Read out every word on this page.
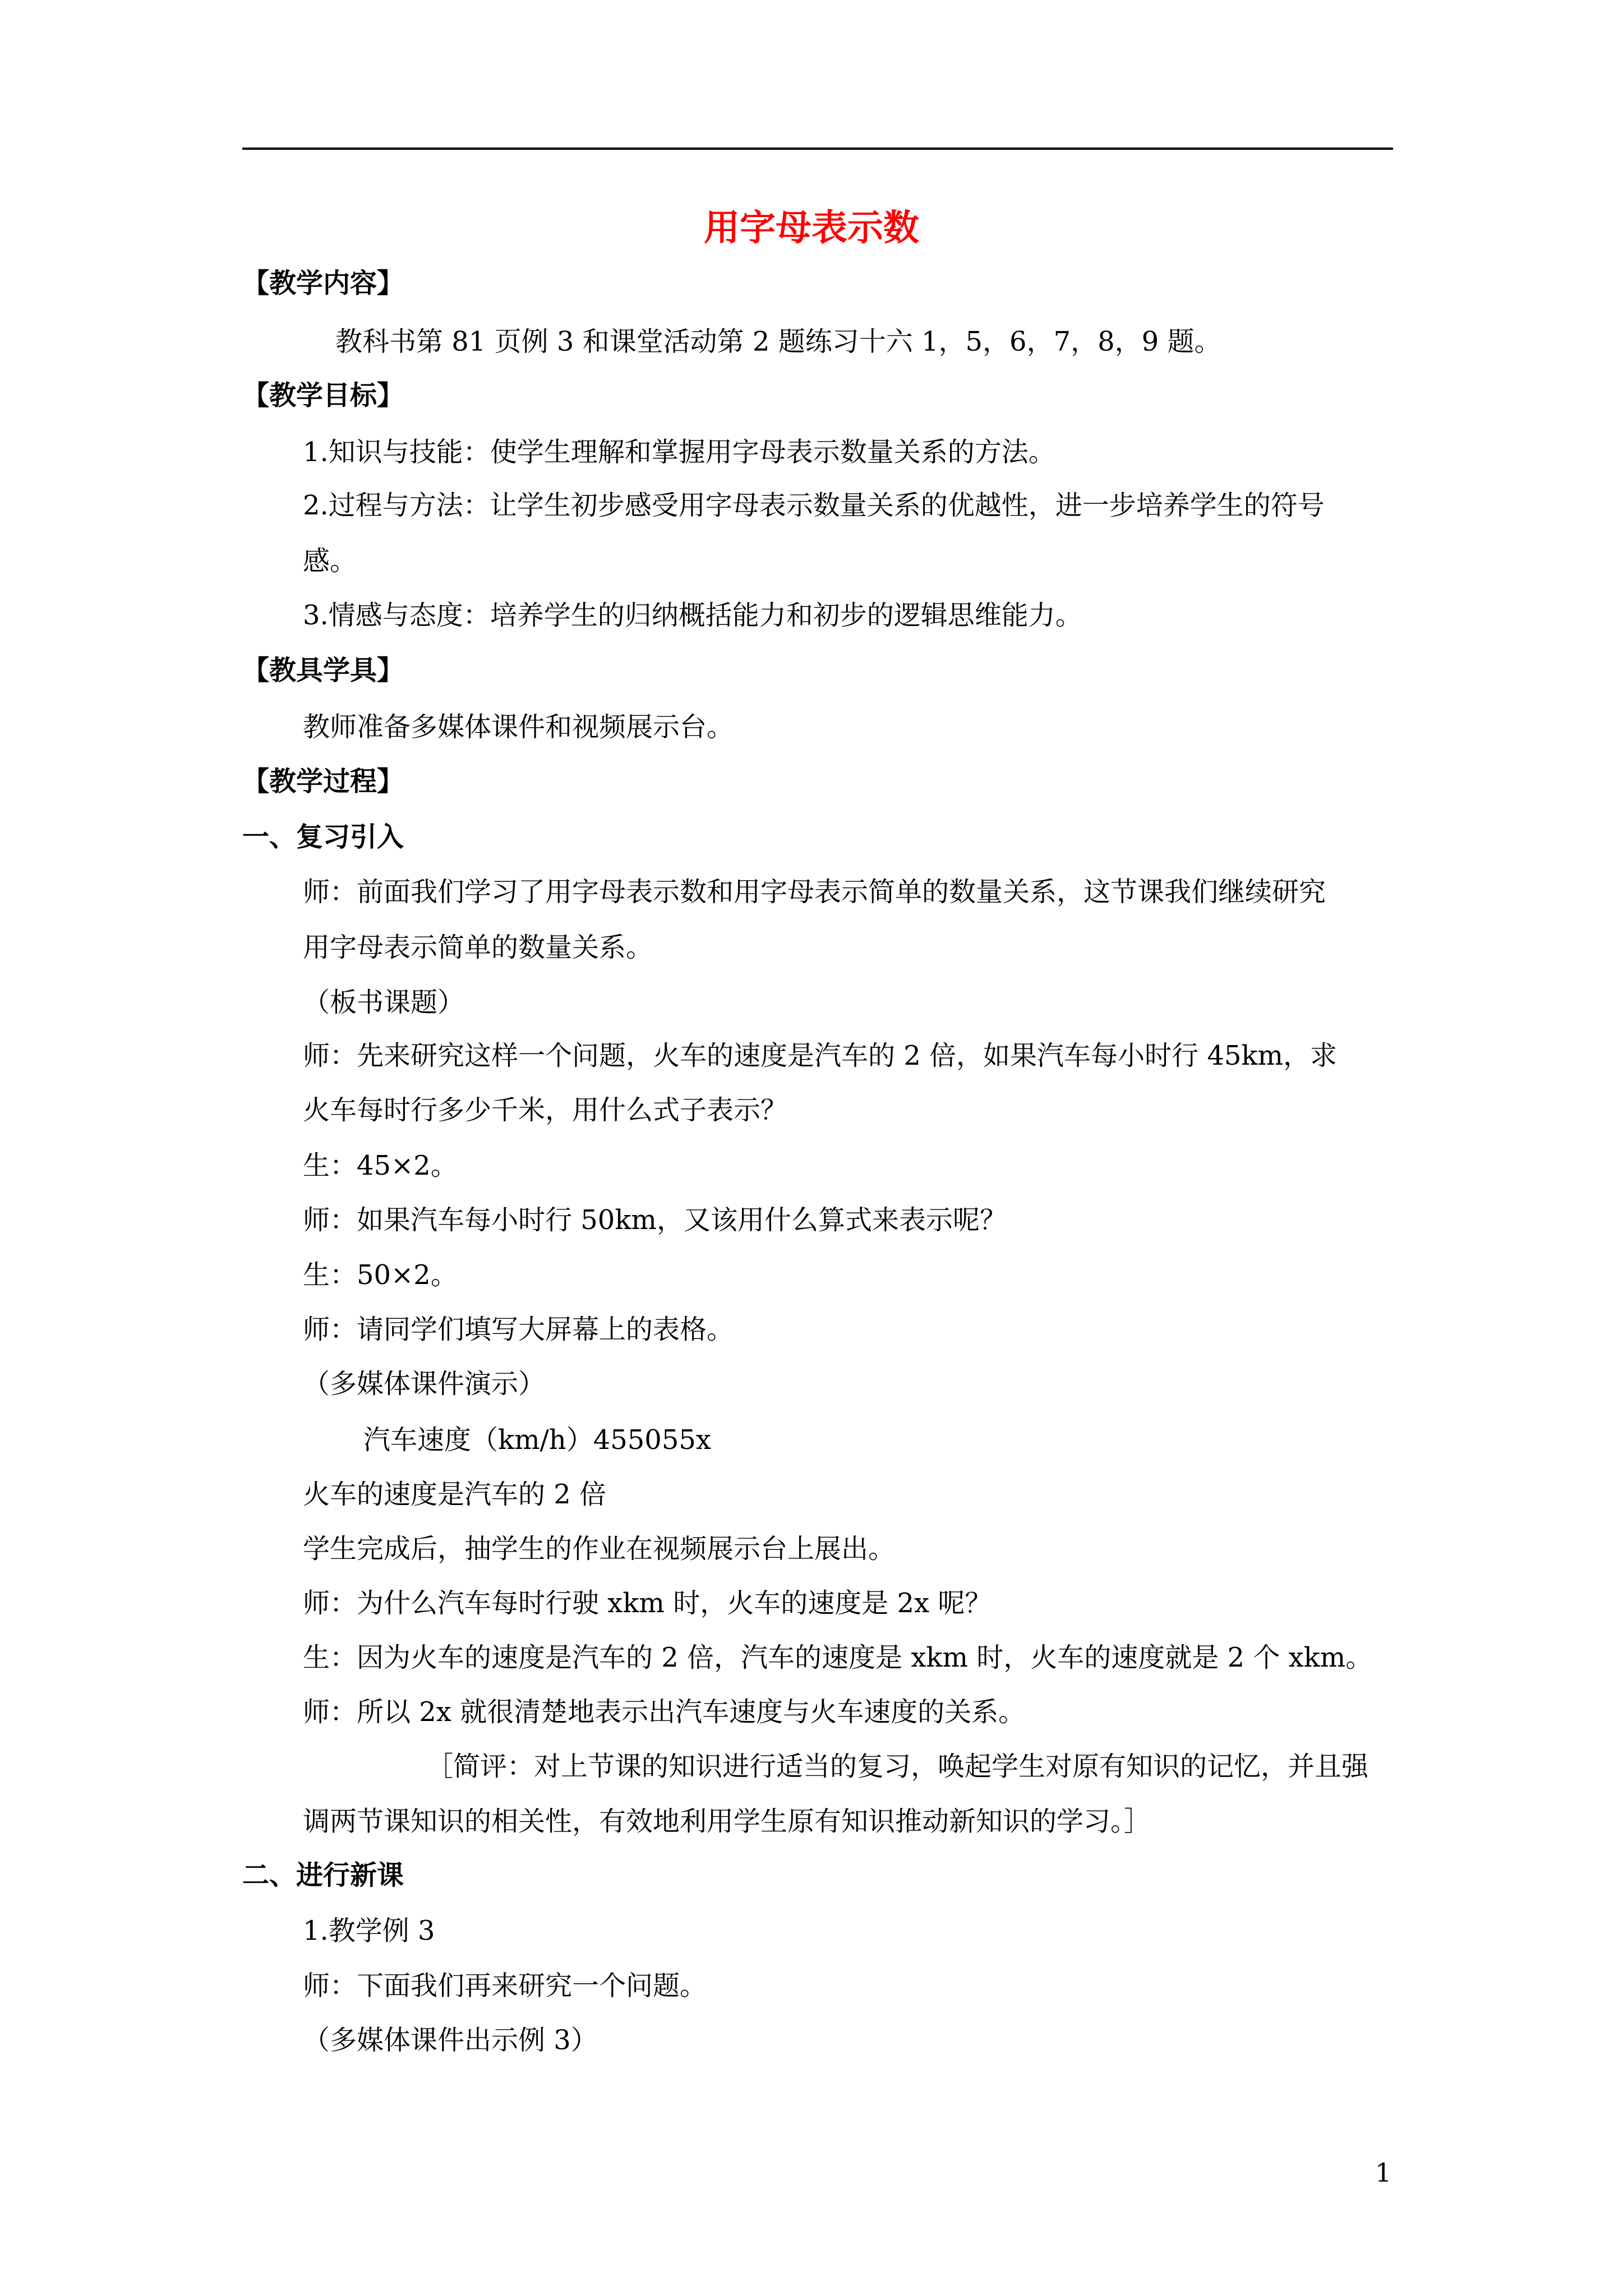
用字母表示数
【教学内容】
教科书第 81 页例 3 和课堂活动第 2 题练习十六 1，5，6，7，8，9 题。
【教学目标】
1.知识与技能：使学生理解和掌握用字母表示数量关系的方法。
2.过程与方法：让学生初步感受用字母表示数量关系的优越性，进一步培养学生的符号
感。
3.情感与态度：培养学生的归纳概括能力和初步的逻辑思维能力。
【教具学具】
教师准备多媒体课件和视频展示台。
【教学过程】
一、复习引入
师：前面我们学习了用字母表示数和用字母表示简单的数量关系，这节课我们继续研究
用字母表示简单的数量关系。
（板书课题）
师：先来研究这样一个问题，火车的速度是汽车的 2 倍，如果汽车每小时行 45km，求
火车每时行多少千米，用什么式子表示？
生：45×2。
师：如果汽车每小时行 50km，又该用什么算式来表示呢？
生：50×2。
师：请同学们填写大屏幕上的表格。
（多媒体课件演示）
汽车速度（km/h）455055x
火车的速度是汽车的 2 倍
学生完成后，抽学生的作业在视频展示台上展出。
师：为什么汽车每时行驶 xkm 时，火车的速度是 2x 呢？
生：因为火车的速度是汽车的 2 倍，汽车的速度是 xkm 时，火车的速度就是 2 个 xkm。
师：所以 2x 就很清楚地表示出汽车速度与火车速度的关系。
［简评：对上节课的知识进行适当的复习，唤起学生对原有知识的记忆，并且强
调两节课知识的相关性，有效地利用学生原有知识推动新知识的学习。］
二、进行新课
1.教学例 3
师：下面我们再来研究一个问题。
（多媒体课件出示例 3）
1
